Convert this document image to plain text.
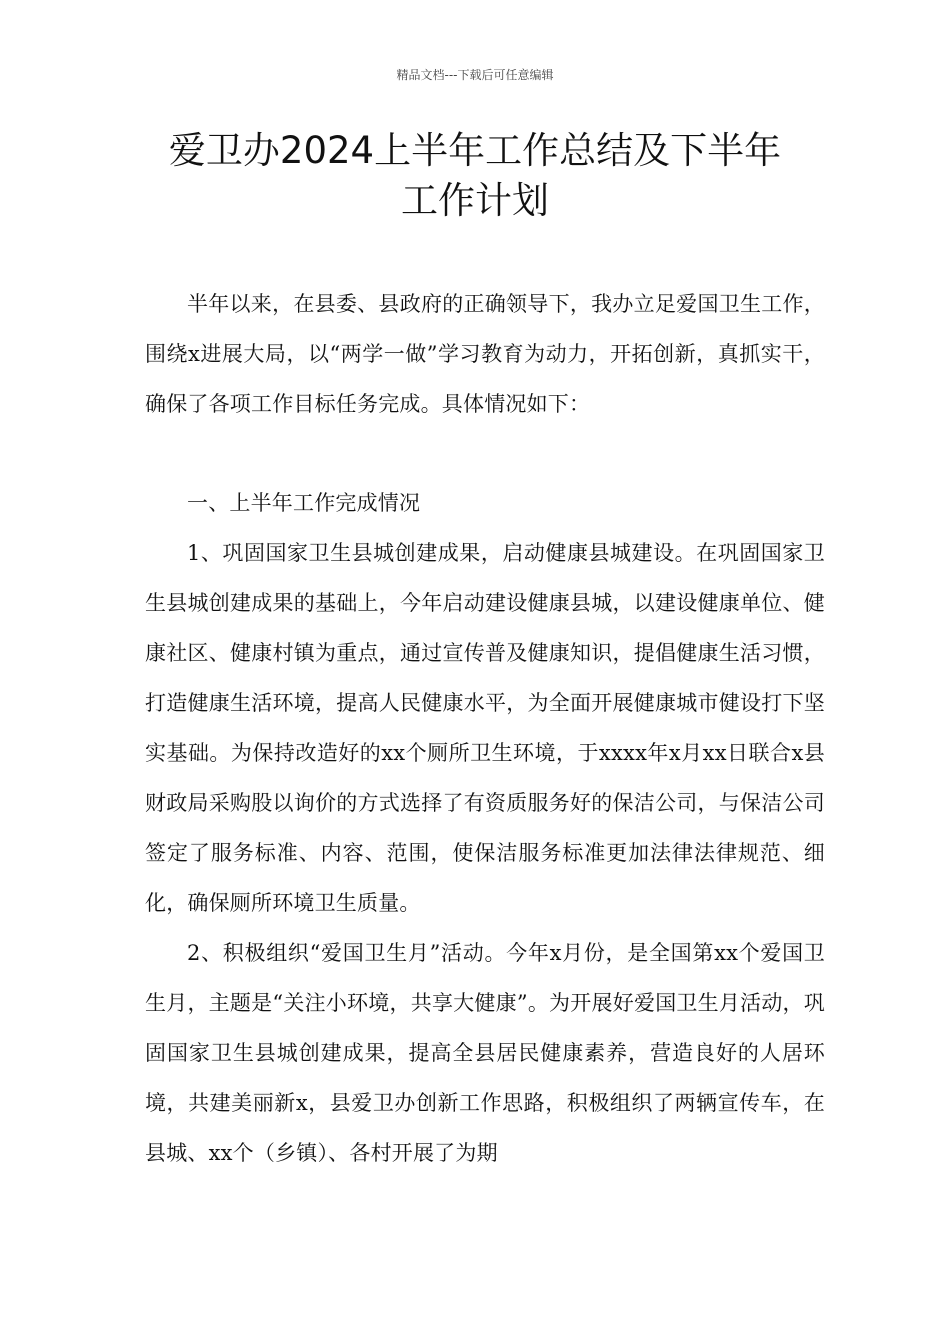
精品文档---下载后可任意编辑
爱卫办2024上半年工作总结及下半年
工作计划

半年以来，在县委、县政府的正确领导下，我办立足爱国卫生工作，围绕x进展大局，以“两学一做”学习教育为动力，开拓创新，真抓实干，确保了各项工作目标任务完成。具体情况如下：

一、上半年工作完成情况

1、巩固国家卫生县城创建成果，启动健康县城建设。在巩固国家卫生县城创建成果的基础上，今年启动建设健康县城，以建设健康单位、健康社区、健康村镇为重点，通过宣传普及健康知识，提倡健康生活习惯，打造健康生活环境，提高人民健康水平，为全面开展健康城市健设打下坚实基础。为保持改造好的xx个厕所卫生环境，于xxxx年x月xx日联合x县财政局采购股以询价的方式选择了有资质服务好的保洁公司，与保洁公司签定了服务标准、内容、范围，使保洁服务标准更加法律法律规范、细化，确保厕所环境卫生质量。

2、积极组织“爱国卫生月”活动。今年x月份，是全国第xx个爱国卫生月，主题是“关注小环境，共享大健康”。为开展好爱国卫生月活动，巩固国家卫生县城创建成果，提高全县居民健康素养，营造良好的人居环境，共建美丽新x，县爱卫办创新工作思路，积极组织了两辆宣传车，在县城、xx个（乡镇）、各村开展了为期
